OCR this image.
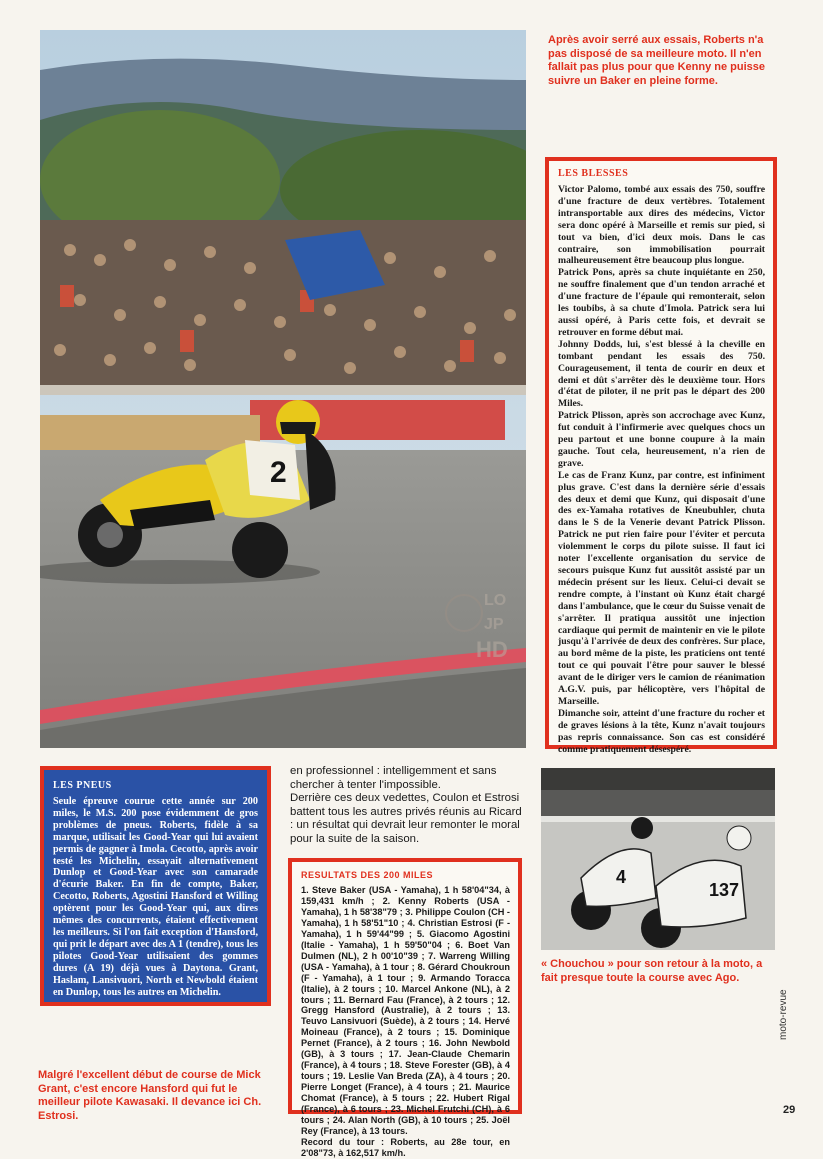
2
LO
JP
HD
Après avoir serré aux essais, Roberts n'a pas disposé de sa meilleure moto. Il n'en fallait pas plus pour que Kenny ne puisse suivre un Baker en pleine forme.
LES BLESSES
Victor Palomo, tombé aux essais des 750, souffre d'une fracture de deux vertèbres. Totalement intransportable aux dires des médecins, Victor sera donc opéré à Marseille et remis sur pied, si tout va bien, d'ici deux mois. Dans le cas contraire, son immobilisation pourrait malheureusement être beaucoup plus longue.
Patrick Pons, après sa chute inquiétante en 250, ne souffre finalement que d'un tendon arraché et d'une fracture de l'épaule qui remonterait, selon les toubibs, à sa chute d'Imola. Patrick sera lui aussi opéré, à Paris cette fois, et devrait se retrouver en forme début mai.
Johnny Dodds, lui, s'est blessé à la cheville en tombant pendant les essais des 750. Courageusement, il tenta de courir en deux et demi et dût s'arrêter dès le deuxième tour. Hors d'état de piloter, il ne prit pas le départ des 200 Miles.
Patrick Plisson, après son accrochage avec Kunz, fut conduit à l'infirmerie avec quelques chocs un peu partout et une bonne coupure à la main gauche. Tout cela, heureusement, n'a rien de grave.
Le cas de Franz Kunz, par contre, est infiniment plus grave. C'est dans la dernière série d'essais des deux et demi que Kunz, qui disposait d'une des ex-Yamaha rotatives de Kneubuhler, chuta dans le S de la Venerie devant Patrick Plisson. Patrick ne put rien faire pour l'éviter et percuta violemment le corps du pilote suisse. Il faut ici noter l'excellente organisation du service de secours puisque Kunz fut aussitôt assisté par un médecin présent sur les lieux. Celui-ci devait se rendre compte, à l'instant où Kunz était chargé dans l'ambulance, que le cœur du Suisse venait de s'arrêter. Il pratiqua aussitôt une injection cardiaque qui permit de maintenir en vie le pilote jusqu'à l'arrivée de deux des confrères. Sur place, au bord même de la piste, les praticiens ont tenté tout ce qui pouvait l'être pour sauver le blessé avant de le diriger vers le camion de réanimation A.G.V. puis, par hélicoptère, vers l'hôpital de Marseille.
Dimanche soir, atteint d'une fracture du rocher et de graves lésions à la tête, Kunz n'avait toujours pas repris connaissance. Son cas est considéré comme pratiquement désespéré.
LES PNEUS
Seule épreuve courue cette année sur 200 miles, le M.S. 200 pose évidemment de gros problèmes de pneus. Roberts, fidèle à sa marque, utilisait les Good-Year qui lui avaient permis de gagner à Imola. Cecotto, après avoir testé les Michelin, essayait alternativement Dunlop et Good-Year avec son camarade d'écurie Baker. En fin de compte, Baker, Cecotto, Roberts, Agostini Hansford et Willing optèrent pour les Good-Year qui, aux dires mêmes des concurrents, étaient effectivement les meilleurs. Si l'on fait exception d'Hansford, qui prit le départ avec des A 1 (tendre), tous les pilotes Good-Year utilisaient des gommes dures (A 19) déjà vues à Daytona. Grant, Haslam, Lansivuori, North et Newbold étaient en Dunlop, tous les autres en Michelin.
en professionnel : intelligemment et sans chercher à tenter l'impossible.
Derrière ces deux vedettes, Coulon et Estrosi battent tous les autres privés réunis au Ricard : un résultat qui devrait leur remonter le moral pour la suite de la saison.
RESULTATS DES 200 MILES
1. Steve Baker (USA - Yamaha), 1 h 58'04"34, à 159,431 km/h ; 2. Kenny Roberts (USA - Yamaha), 1 h 58'38"79 ; 3. Philippe Coulon (CH - Yamaha), 1 h 58'51"10 ; 4. Christian Estrosi (F - Yamaha), 1 h 59'44"99 ; 5. Giacomo Agostini (Italie - Yamaha), 1 h 59'50"04 ; 6. Boet Van Dulmen (NL), 2 h 00'10"39 ; 7. Warreng Willing (USA - Yamaha), à 1 tour ; 8. Gérard Choukroun (F - Yamaha), à 1 tour ; 9. Armando Toracca (Italie), à 2 tours ; 10. Marcel Ankone (NL), à 2 tours ; 11. Bernard Fau (France), à 2 tours ; 12. Gregg Hansford (Australie), à 2 tours ; 13. Teuvo Lansivuori (Suède), à 2 tours ; 14. Hervé Moineau (France), à 2 tours ; 15. Dominique Pernet (France), à 2 tours ; 16. John Newbold (GB), à 3 tours ; 17. Jean-Claude Chemarin (France), à 4 tours ; 18. Steve Forester (GB), à 4 tours ; 19. Leslie Van Breda (ZA), à 4 tours ; 20. Pierre Longet (France), à 4 tours ; 21. Maurice Chomat (France), à 5 tours ; 22. Hubert Rigal (France), à 6 tours ; 23. Michel Frutchi (CH), à 6 tours ; 24. Alan North (GB), à 10 tours ; 25. Joël Rey (France), à 13 tours.
Record du tour : Roberts, au 28e tour, en 2'08"73, à 162,517 km/h.
4
137
« Chouchou » pour son retour à la moto, a fait presque toute la course avec Ago.
Malgré l'excellent début de course de Mick Grant, c'est encore Hansford qui fut le meilleur pilote Kawasaki. Il devance ici Ch. Estrosi.
moto-revue
29
